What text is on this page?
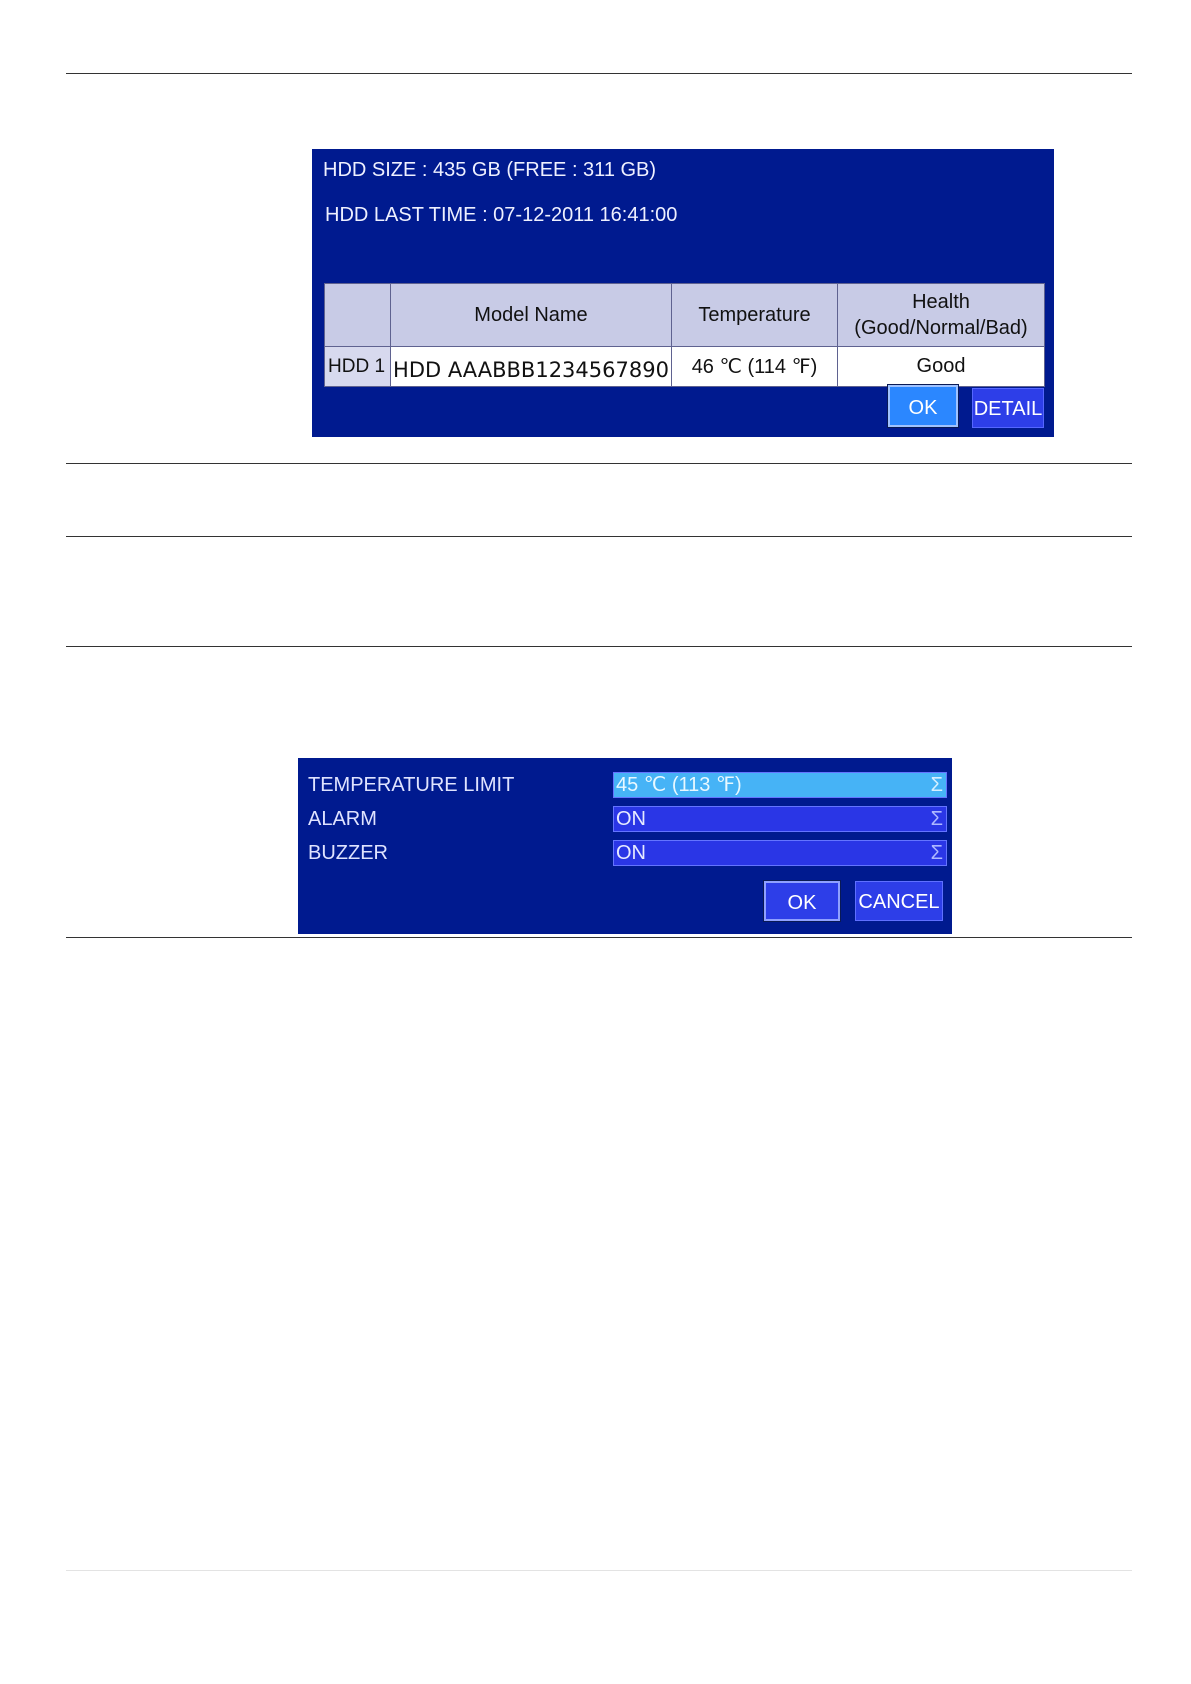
HDD SIZE : 435 GB (FREE : 311 GB)
HDD LAST TIME : 07-12-2011 16:41:00
	Model Name	Temperature	Health
(Good/Normal/Bad)
HDD 1	HDD AAABBB1234567890	46 ℃ (114 ℉)	Good
OK	DETAIL
TEMPERATURE LIMIT	45 ℃ (113 ℉)	Σ
ALARM	ON	Σ
BUZZER	ON	Σ
OK	CANCEL
